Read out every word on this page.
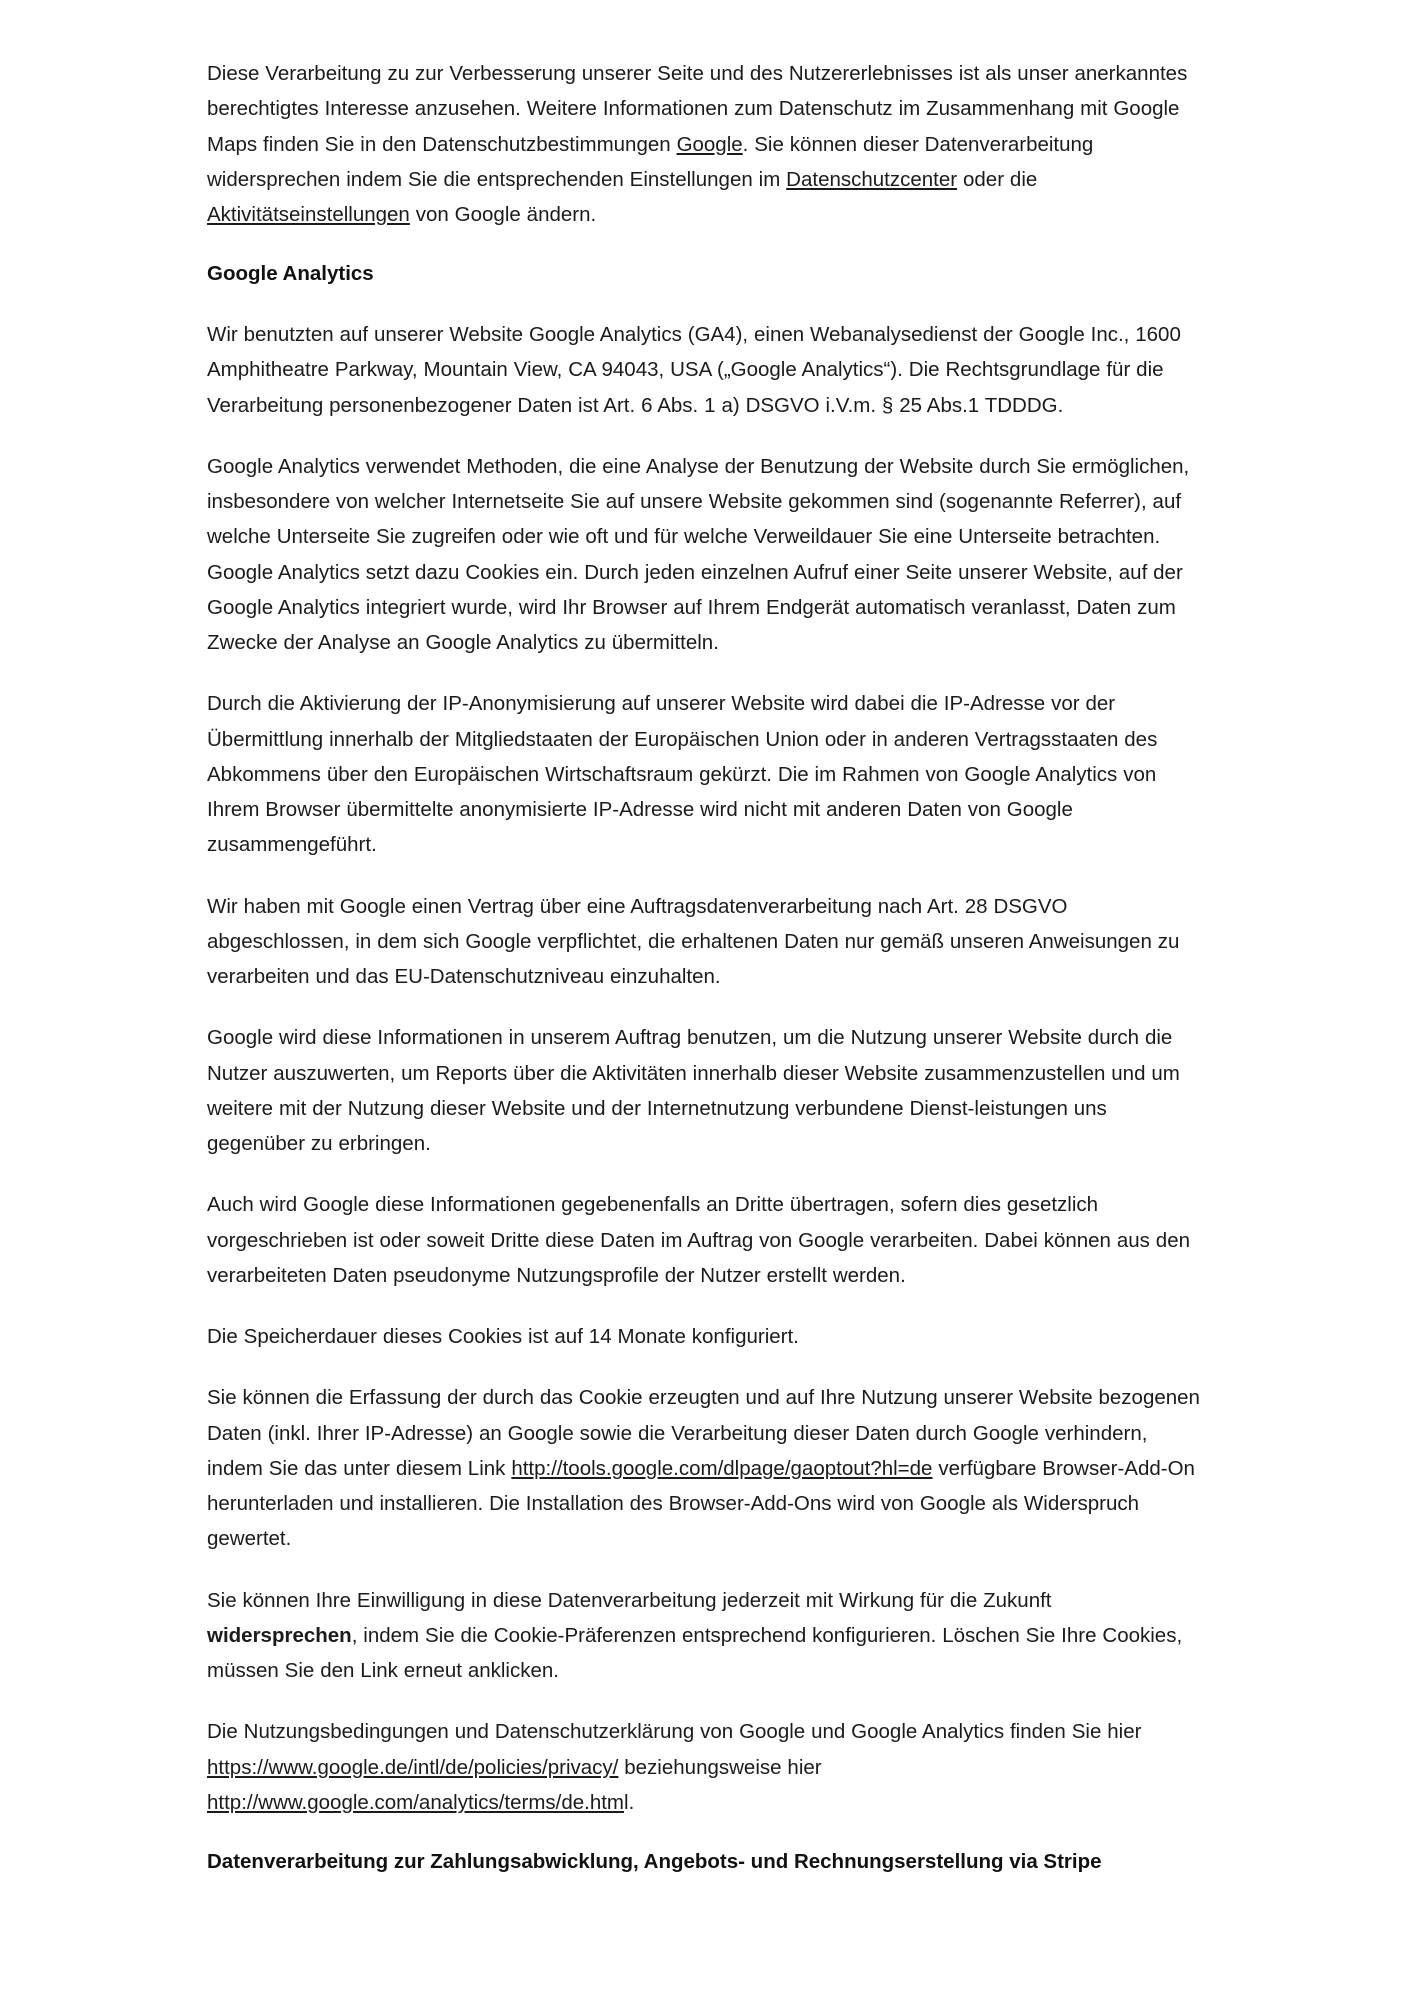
Diese Verarbeitung zu zur Verbesserung unserer Seite und des Nutzererlebnisses ist als unser anerkanntes berechtigtes Interesse anzusehen. Weitere Informationen zum Datenschutz im Zusammenhang mit Google Maps finden Sie in den Datenschutzbestimmungen Google. Sie können dieser Datenverarbeitung widersprechen indem Sie die entsprechenden Einstellungen im Datenschutzcenter oder die Aktivitätseinstellungen von Google ändern.

Google Analytics

Wir benutzten auf unserer Website Google Analytics (GA4), einen Webanalysedienst der Google Inc., 1600 Amphitheatre Parkway, Mountain View, CA 94043, USA („Google Analytics“). Die Rechtsgrundlage für die Verarbeitung personenbezogener Daten ist Art. 6 Abs. 1 a) DSGVO i.V.m. § 25 Abs.1 TDDDG.

Google Analytics verwendet Methoden, die eine Analyse der Benutzung der Website durch Sie ermöglichen, insbesondere von welcher Internetseite Sie auf unsere Website gekommen sind (sogenannte Referrer), auf welche Unterseite Sie zugreifen oder wie oft und für welche Verweildauer Sie eine Unterseite betrachten. Google Analytics setzt dazu Cookies ein. Durch jeden einzelnen Aufruf einer Seite unserer Website, auf der Google Analytics integriert wurde, wird Ihr Browser auf Ihrem Endgerät automatisch veranlasst, Daten zum Zwecke der Analyse an Google Analytics zu übermitteln.

Durch die Aktivierung der IP-Anonymisierung auf unserer Website wird dabei die IP-Adresse vor der Übermittlung innerhalb der Mitgliedstaaten der Europäischen Union oder in anderen Vertragsstaaten des Abkommens über den Europäischen Wirtschaftsraum gekürzt. Die im Rahmen von Google Analytics von Ihrem Browser übermittelte anonymisierte IP-Adresse wird nicht mit anderen Daten von Google zusammengeführt.

Wir haben mit Google einen Vertrag über eine Auftragsdatenverarbeitung nach Art. 28 DSGVO abgeschlossen, in dem sich Google verpflichtet, die erhaltenen Daten nur gemäß unseren Anweisungen zu verarbeiten und das EU-Datenschutzniveau einzuhalten.

Google wird diese Informationen in unserem Auftrag benutzen, um die Nutzung unserer Website durch die Nutzer auszuwerten, um Reports über die Aktivitäten innerhalb dieser Website zusammenzustellen und um weitere mit der Nutzung dieser Website und der Internetnutzung verbundene Dienst-leistungen uns gegenüber zu erbringen.

Auch wird Google diese Informationen gegebenenfalls an Dritte übertragen, sofern dies gesetzlich vorgeschrieben ist oder soweit Dritte diese Daten im Auftrag von Google verarbeiten. Dabei können aus den verarbeiteten Daten pseudonyme Nutzungsprofile der Nutzer erstellt werden.

Die Speicherdauer dieses Cookies ist auf 14 Monate konfiguriert.

Sie können die Erfassung der durch das Cookie erzeugten und auf Ihre Nutzung unserer Website bezogenen Daten (inkl. Ihrer IP-Adresse) an Google sowie die Verarbeitung dieser Daten durch Google verhindern, indem Sie das unter diesem Link http://tools.google.com/dlpage/gaoptout?hl=de verfügbare Browser-Add-On herunterladen und installieren. Die Installation des Browser-Add-Ons wird von Google als Widerspruch gewertet.

Sie können Ihre Einwilligung in diese Datenverarbeitung jederzeit mit Wirkung für die Zukunft widersprechen, indem Sie die Cookie-Präferenzen entsprechend konfigurieren. Löschen Sie Ihre Cookies, müssen Sie den Link erneut anklicken.

Die Nutzungsbedingungen und Datenschutzerklärung von Google und Google Analytics finden Sie hier https://www.google.de/intl/de/policies/privacy/ beziehungsweise hier http://www.google.com/analytics/terms/de.html.

Datenverarbeitung zur Zahlungsabwicklung, Angebots- und Rechnungserstellung via Stripe
